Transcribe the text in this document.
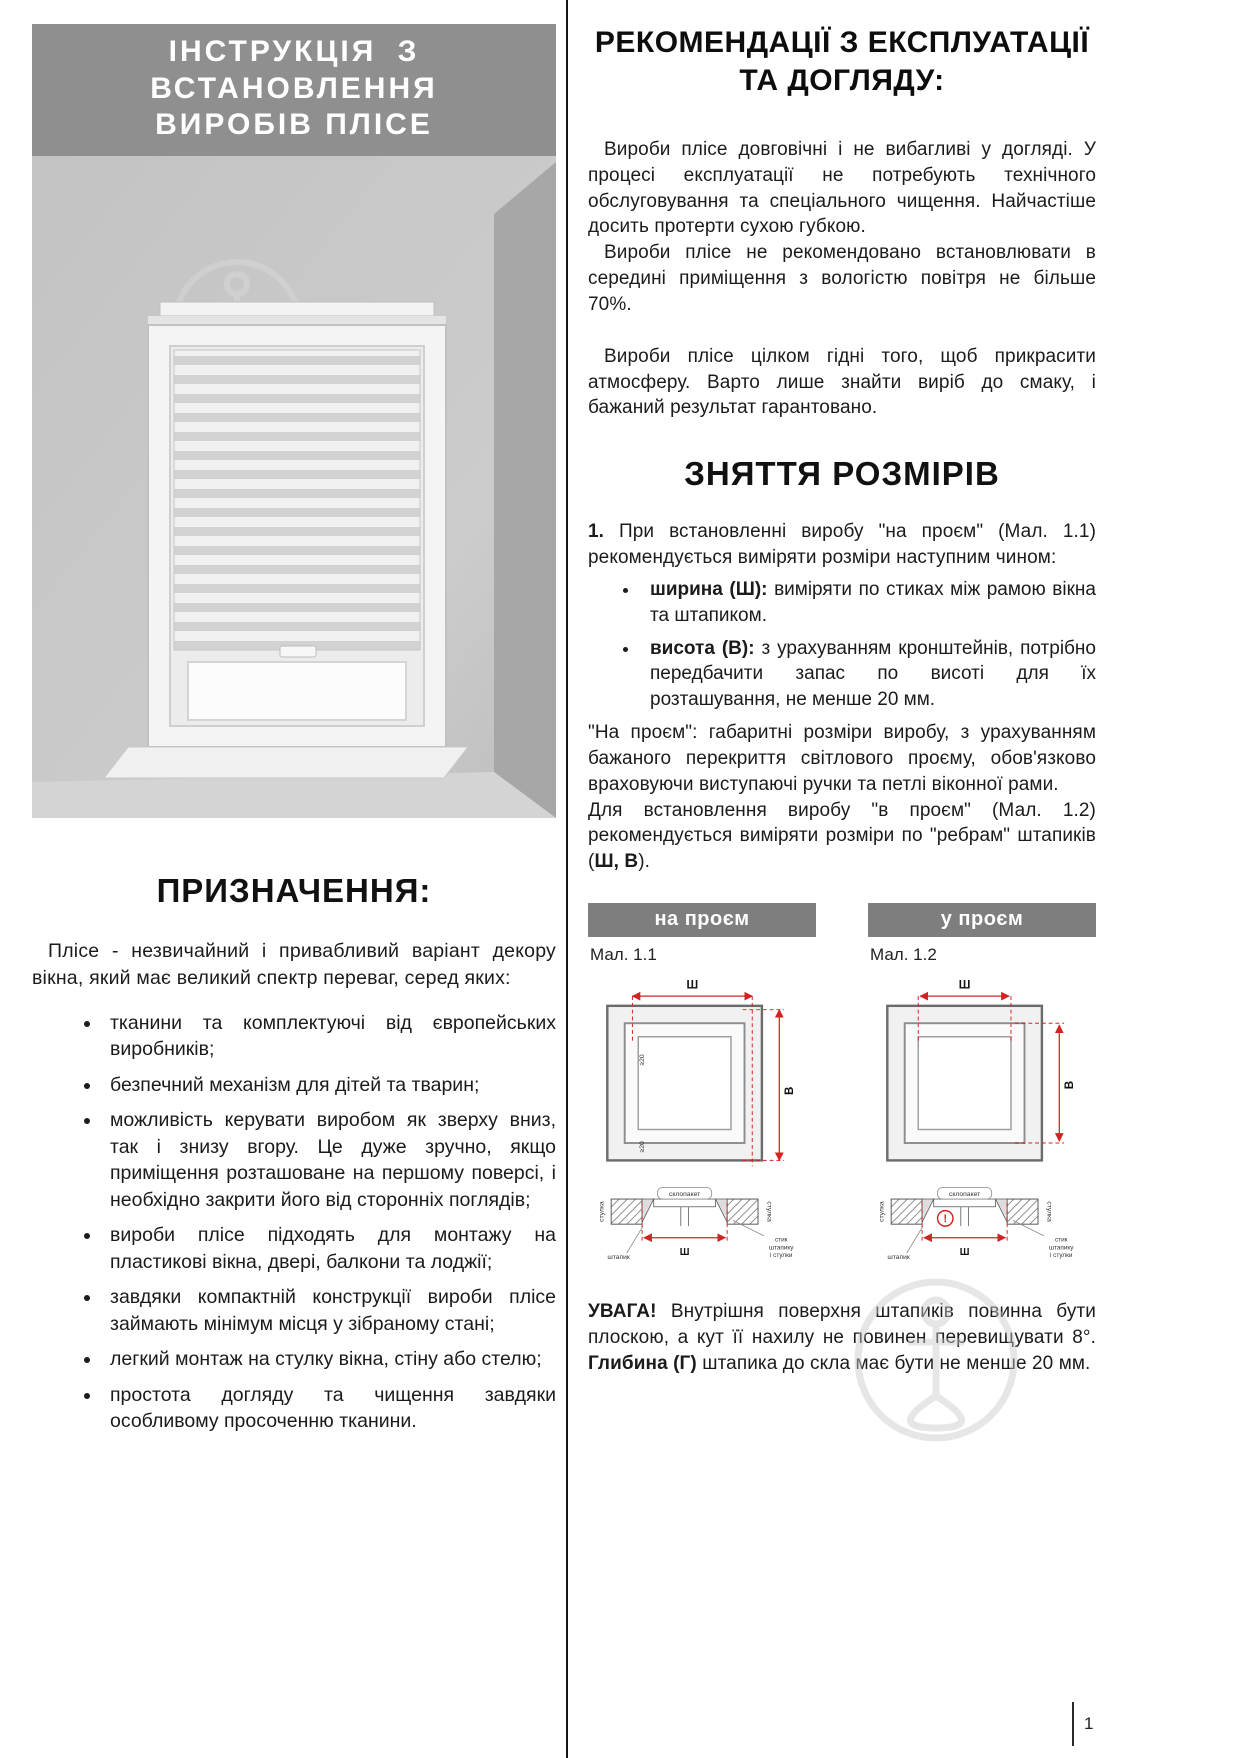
ІНСТРУКЦІЯ З ВСТАНОВЛЕННЯ
ВИРОБІВ ПЛІСЕ
ПРИЗНАЧЕННЯ:

Плісе - незвичайний і привабливий варіант декору вікна, який має великий спектр переваг, серед яких:

• тканини та комплектуючі від європейських виробників;
• безпечний механізм для дітей та тварин;
• можливість керувати виробом як зверху вниз, так і знизу вгору. Це дуже зручно, якщо приміщення розташоване на першому поверсі, і необхідно закрити його від сторонніх поглядів;
• вироби плісе підходять для монтажу на пластикові вікна, двері, балкони та лоджії;
• завдяки компактній конструкції вироби плісе займають мінімум місця у зібраному стані;
• легкий монтаж на стулку вікна, стіну або стелю;
• простота догляду та чищення завдяки особливому просоченню тканини.
РЕКОМЕНДАЦІЇ З ЕКСПЛУАТАЦІЇ
ТА ДОГЛЯДУ:

Вироби плісе довговічні і не вибагливі у догляді. У процесі експлуатації не потребують технічного обслуговування та спеціального чищення. Найчастіше досить протерти сухою губкою.

Вироби плісе не рекомендовано встановлювати в середині приміщення з вологістю повітря не більше 70%.

Вироби плісе цілком гідні того, щоб прикрасити атмосферу. Варто лише знайти виріб до смаку, і бажаний результат гарантовано.

ЗНЯТТЯ РОЗМІРІВ

1. При встановленні виробу "на проєм" (Мал. 1.1) рекомендується виміряти розміри наступним чином:

• ширина (Ш): виміряти по стиках між рамою вікна та штапиком.
• висота (В): з урахуванням кронштейнів, потрібно передбачити запас по висоті для їх розташування, не менше 20 мм.

"На проєм": габаритні розміри виробу, з урахуванням бажаного перекриття світлового проєму, обов'язково враховуючи виступаючі ручки та петлі віконної рами.

Для встановлення виробу "в проєм" (Мал. 1.2) рекомендується виміряти розміри по "ребрам" штапиків (Ш, В).

на проєм
Мал. 1.1
Ш
В
≥20
≥20
склопакет
стулка	стулка
Ш
штапик
стик
штапику
і стулки
у проєм
Мал. 1.2
Ш
В
склопакет
стулка	стулка
!
Ш
штапик
стик
штапику
і стулки

УВАГА! Внутрішня поверхня штапиків повинна бути плоскою, а кут її нахилу не повинен перевищувати 8°. Глибина (Г) штапика до скла має бути не менше 20 мм.

1
